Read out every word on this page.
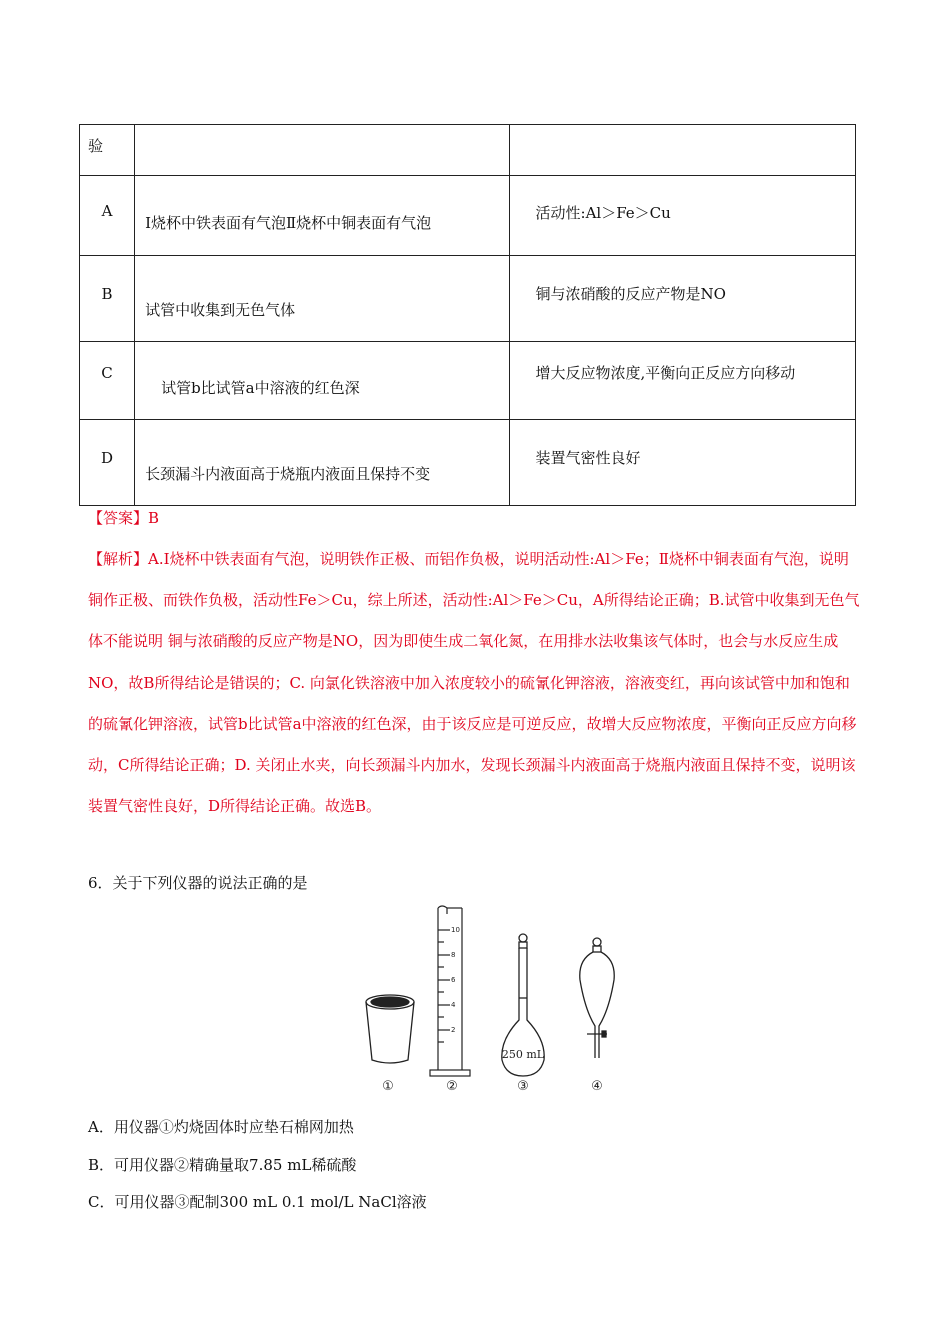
验		

A	Ⅰ烧杯中铁表面有气泡Ⅱ烧杯中铜表面有气泡	活动性:Al＞Fe＞Cu

B	试管中收集到无色气体	铜与浓硝酸的反应产物是NO

C	试管b比试管a中溶液的红色深	增大反应物浓度,平衡向正反应方向移动

D	长颈漏斗内液面高于烧瓶内液面且保持不变	装置气密性良好
【答案】B
【解析】A.Ⅰ烧杯中铁表面有气泡，说明铁作正极、而铝作负极，说明活动性:Al＞Fe；Ⅱ烧杯中铜表面有气泡，说明铜作正极、而铁作负极，活动性Fe＞Cu，综上所述，活动性:Al＞Fe＞Cu，A所得结论正确；B.试管中收集到无色气体不能说明 铜与浓硝酸的反应产物是NO，因为即使生成二氧化氮，在用排水法收集该气体时，也会与水反应生成NO，故B所得结论是错误的；C. 向氯化铁溶液中加入浓度较小的硫氰化钾溶液，溶液变红，再向该试管中加和饱和的硫氰化钾溶液，试管b比试管a中溶液的红色深，由于该反应是可逆反应，故增大反应物浓度，平衡向正反应方向移动，C所得结论正确；D. 关闭止水夹，向长颈漏斗内加水，发现长颈漏斗内液面高于烧瓶内液面且保持不变，说明该装置气密性良好，D所得结论正确。故选B。
6．关于下列仪器的说法正确的是
10
8
6
4
2
250 mL
①	②	③	④
A．用仪器①灼烧固体时应垫石棉网加热
B．可用仪器②精确量取7.85 mL稀硫酸
C．可用仪器③配制300 mL 0.1 mol/L NaCl溶液
